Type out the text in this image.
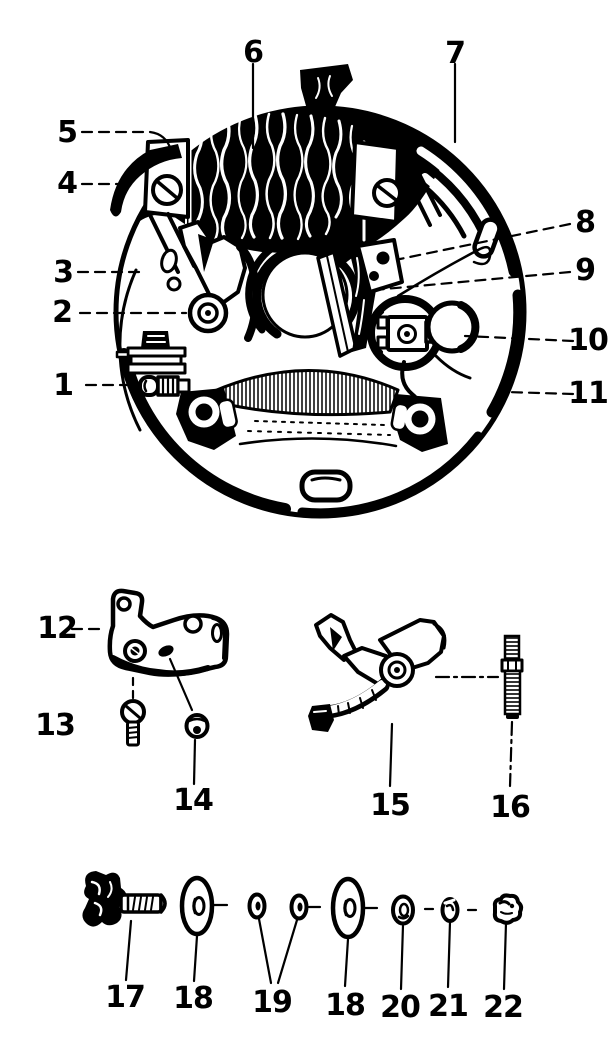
5
4
3
2
1
6	7
8
9
10
11
12
13
14	15	16
17 18 19 18 20 21 22
